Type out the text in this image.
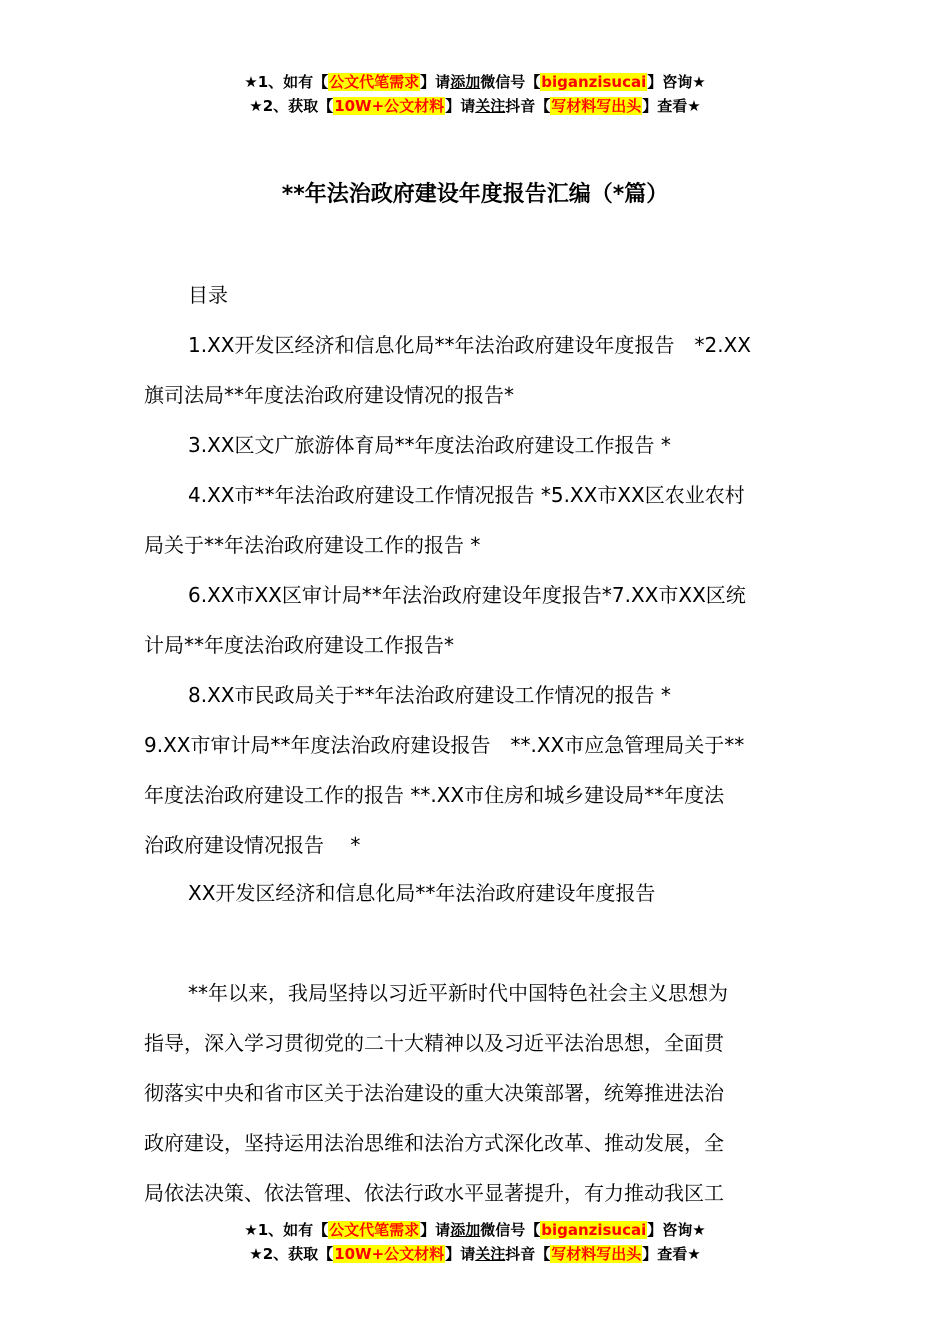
★1、如有【公文代笔需求】请添加微信号【biganzisucai】咨询★
★2、获取【10W+公文材料】请关注抖音【写材料写出头】查看★
**年法治政府建设年度报告汇编（*篇）
目录
1.XX开发区经济和信息化局**年法治政府建设年度报告　*2.XX
旗司法局**年度法治政府建设情况的报告*
3.XX区文广旅游体育局**年度法治政府建设工作报告 *
4.XX市**年法治政府建设工作情况报告 *5.XX市XX区农业农村
局关于**年法治政府建设工作的报告 *
6.XX市XX区审计局**年法治政府建设年度报告*7.XX市XX区统
计局**年度法治政府建设工作报告*
8.XX市民政局关于**年法治政府建设工作情况的报告 *
9.XX市审计局**年度法治政府建设报告　**.XX市应急管理局关于**
年度法治政府建设工作的报告 **.XX市住房和城乡建设局**年度法
治政府建设情况报告　 *
XX开发区经济和信息化局**年法治政府建设年度报告
**年以来，我局坚持以习近平新时代中国特色社会主义思想为
指导，深入学习贯彻党的二十大精神以及习近平法治思想，全面贯
彻落实中央和省市区关于法治建设的重大决策部署，统筹推进法治
政府建设，坚持运用法治思维和法治方式深化改革、推动发展，全
局依法决策、依法管理、依法行政水平显著提升，有力推动我区工
★1、如有【公文代笔需求】请添加微信号【biganzisucai】咨询★
★2、获取【10W+公文材料】请关注抖音【写材料写出头】查看★
